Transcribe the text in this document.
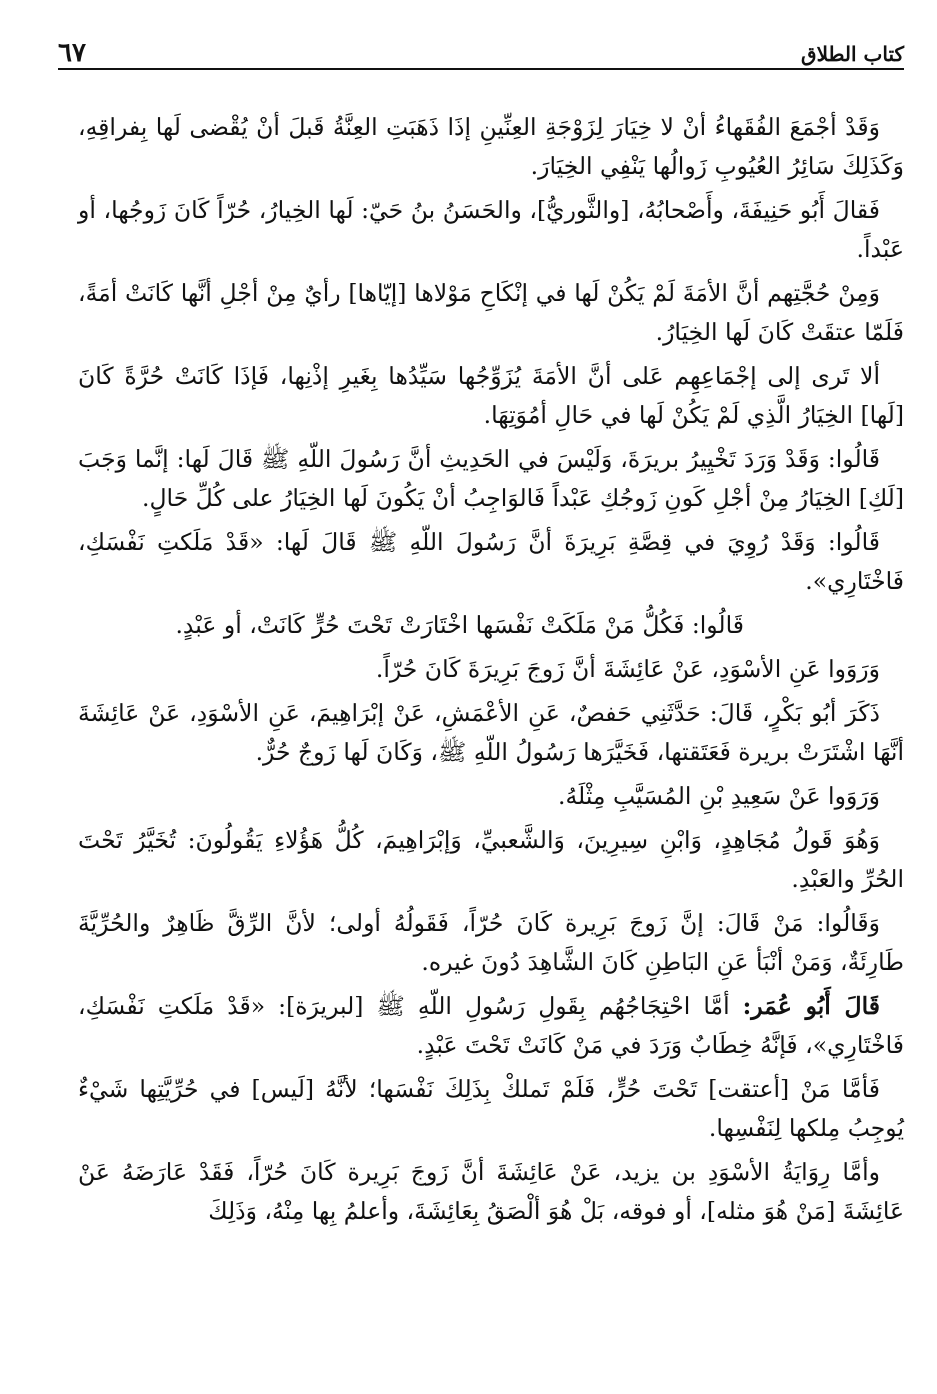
كتاب الطلاق
٦٧

وَقَدْ أجْمَعَ الفُقَهاءُ أنْ لا خِيَارَ لِزَوْجَةِ العِنِّينِ إذَا ذَهَبَتِ العِنَّةُ قَبلَ أنْ يُقْضى لَها بِفراقِهِ، وَكَذَلِكَ سَائِرُ العُيُوبِ زَوالُها يَنْفِي الخِيَارَ.

فَقالَ أَبُو حَنِيفَةَ، وأَصْحابُهُ، [والثَّوريُّ]، والحَسَنُ بنُ حَيّ: لَها الخِيارُ، حُرّاً كَانَ زَوجُها، أو عَبْداً.

وَمِنْ حُجَّتِهم أنَّ الأمَةَ لَمْ يَكُنْ لَها في إنْكَاحِ مَوْلاها [إيّاها] رأيٌ مِنْ أجْلِ أنَّها كَانَتْ أمَةً، فَلَمّا عتقَتْ كَانَ لَها الخِيَارُ.

ألا تَرى إلى إجْمَاعِهِم عَلى أنَّ الأمَةَ يُزَوِّجُها سَيِّدُها بِغَيرِ إذْنِها، فَإذَا كَانَتْ حُرَّةً كَانَ [لَها] الخِيَارُ الَّذِي لَمْ يَكُنْ لَها في حَالِ أمُوَتِهَا.

قَالُوا: وَقَدْ وَرَدَ تَخْيِيرُ بريرَةَ، وَلَيْسَ في الحَدِيثِ أنَّ رَسُولَ اللّهِ ﷺ قَالَ لَها: إنَّما وَجَبَ [لَكِ] الخِيَارُ مِنْ أجْلِ كَونِ زَوجُكِ عَبْداً فَالوَاجِبُ أنْ يَكُونَ لَها الخِيَارُ على كُلِّ حَالٍ.

قَالُوا: وَقَدْ رُوِيَ في قِصَّةِ بَرِيرَةَ أنَّ رَسُولَ اللّهِ ﷺ قَالَ لَها: «قَدْ مَلَكتِ نَفْسَكِ، فَاخْتَارِي».

قَالُوا: فَكُلُّ مَنْ مَلَكَتْ نَفْسَها اخْتَارَتْ تَحْتَ حُرٍّ كَانَتْ، أو عَبْدٍ.

وَرَوَوا عَنِ الأسْوَدِ، عَنْ عَائِشَةَ أنَّ زَوجَ بَرِيرَةَ كَانَ حُرّاً.

ذَكَرَ أبُو بَكْرٍ، قَالَ: حَدَّثَنِي حَفصٌ، عَنِ الأعْمَشِ، عَنْ إبْرَاهِيمَ، عَنِ الأسْوَدِ، عَنْ عَائِشَةَ أنَّهَا اشْتَرَتْ بريرة فَعَتَقتها، فَخَيَّرَها رَسُولُ اللّهِ ﷺ، وَكَانَ لَها زَوجٌ حُرٌّ.

وَرَوَوا عَنْ سَعِيدِ بْنِ المُسَيَّبِ مِثْلَهُ.

وَهُوَ قَولُ مُجَاهِدٍ، وَابْنِ سِيرِينَ، وَالشَّعبيِّ، وَإبْرَاهِيمَ، كُلُّ هَؤُلاءِ يَقُولُونَ: تُخَيَّرُ تَحْتَ الحُرِّ والعَبْدِ.

وَقَالُوا: مَنْ قَالَ: إنَّ زَوجَ بَرِيرة كَانَ حُرّاً، فَقَولُهُ أولى؛ لأنَّ الرِّقَّ ظَاهِرٌ والحُرِّيَّةَ طَارِئَةٌ، وَمَنْ أنْبَأ عَنِ البَاطِنِ كَانَ الشَّاهِدَ دُونَ غيره.

قَالَ أَبُو عُمَر: أمَّا احْتِجَاجُهُم بِقَولِ رَسُولِ اللّهِ ﷺ [لبريرَة]: «قَدْ مَلَكتِ نَفْسَكِ، فَاخْتَارِي»، فَإنَّهُ خِطَابٌ وَرَدَ في مَنْ كَانَتْ تَحْتَ عَبْدٍ.

فَأمَّا مَنْ [أعتقت] تَحْتَ حُرٍّ، فَلَمْ تَملكْ بِذَلِكَ نَفْسَها؛ لأنَّهُ [لَيس] في حُرِّيَّتِها شَيْءٌ يُوجِبُ مِلكها لِنَفْسِها.

وأمَّا رِوَايَةُ الأسْوَدِ بن يزيد، عَنْ عَائِشَةَ أنَّ زَوجَ بَرِيرة كَانَ حُرّاً، فَقَدْ عَارَضَهُ عَنْ عَائِشَةَ [مَنْ هُوَ مثله]، أو فوقه، بَلْ هُوَ ألْصَقُ بِعَائِشَةَ، وأعلمُ بِها مِنْهُ، وَذَلِكَ
